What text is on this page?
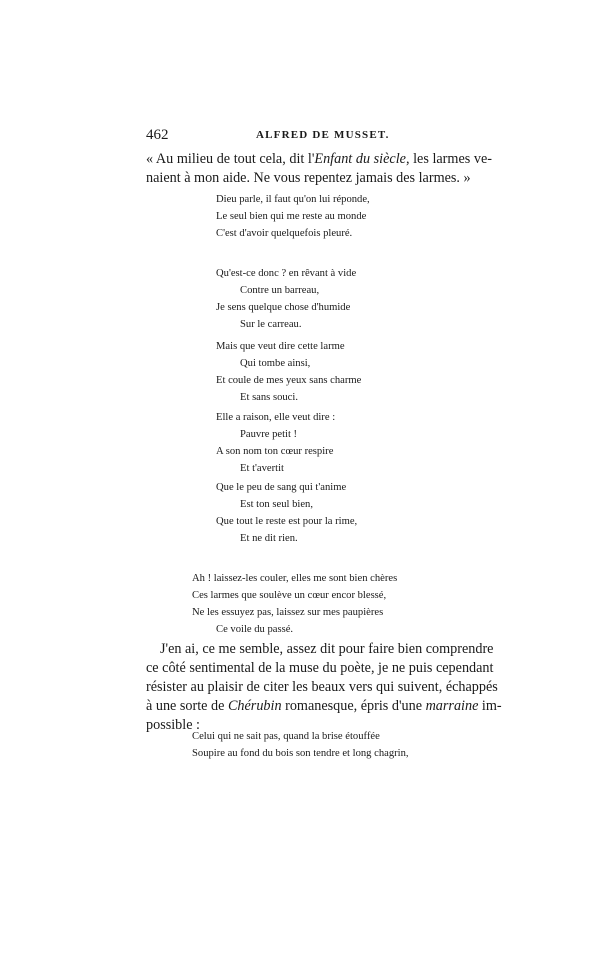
462	ALFRED DE MUSSET.
« Au milieu de tout cela, dit l'Enfant du siècle, les larmes ve-
naient à mon aide. Ne vous repentez jamais des larmes. »
Dieu parle, il faut qu'on lui réponde,
Le seul bien qui me reste au monde
C'est d'avoir quelquefois pleuré.
Qu'est-ce donc ? en rêvant à vide
Contre un barreau,
Je sens quelque chose d'humide
Sur le carreau.
Mais que veut dire cette larme
Qui tombe ainsi,
Et coule de mes yeux sans charme
Et sans souci.
Elle a raison, elle veut dire :
Pauvre petit !
A son nom ton cœur respire
Et t'avertit
Que le peu de sang qui t'anime
Est ton seul bien,
Que tout le reste est pour la rime,
Et ne dit rien.
Ah ! laissez-les couler, elles me sont bien chères
Ces larmes que soulève un cœur encor blessé,
Ne les essuyez pas, laissez sur mes paupières
Ce voile du passé.
J'en ai, ce me semble, assez dit pour faire bien comprendre
ce côté sentimental de la muse du poète, je ne puis cependant
résister au plaisir de citer les beaux vers qui suivent, échappés
à une sorte de Chérubin romanesque, épris d'une marraine im-
possible :
Celui qui ne sait pas, quand la brise étouffée
Soupire au fond du bois son tendre et long chagrin,
